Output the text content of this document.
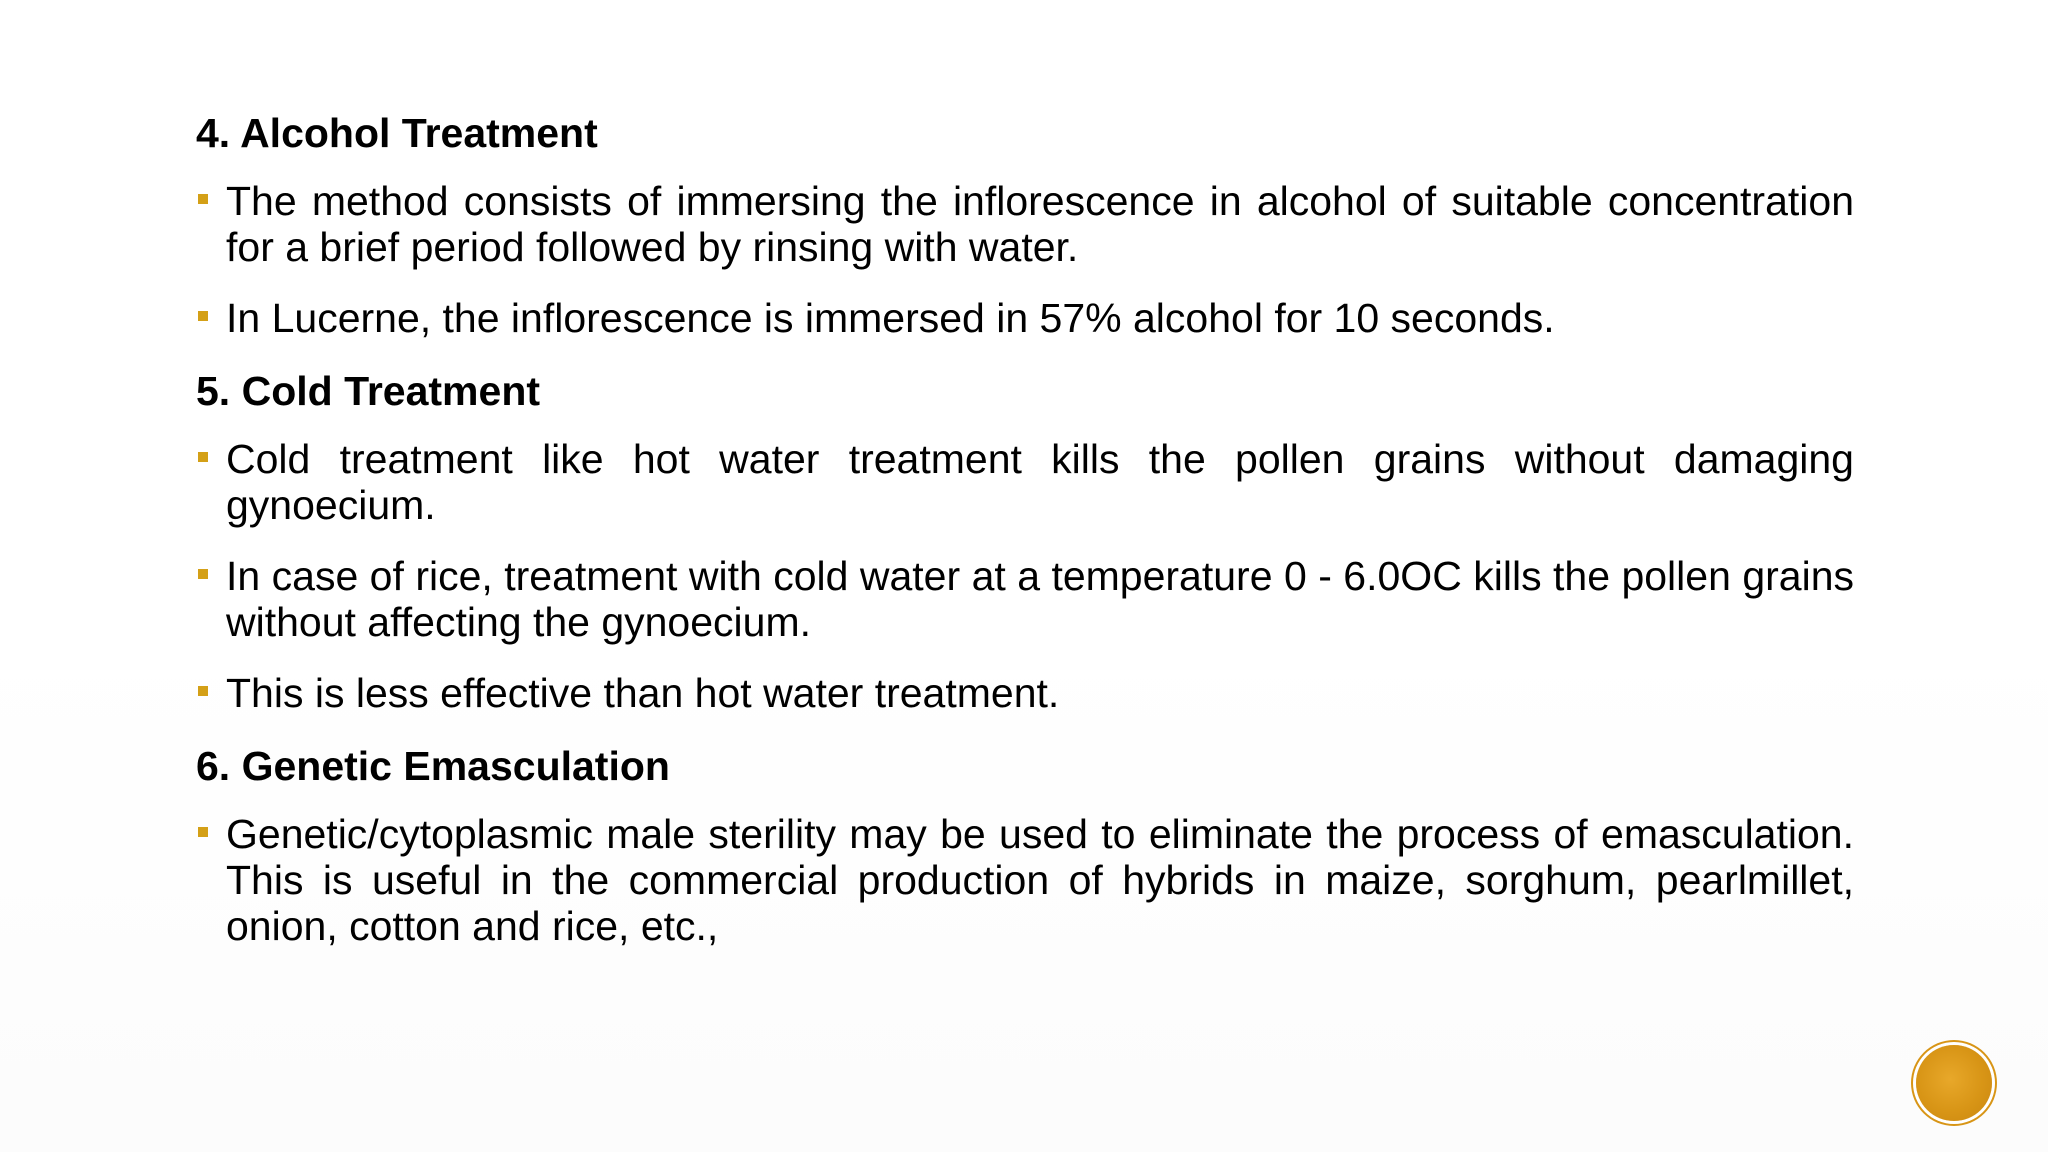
4. Alcohol Treatment
The method consists of immersing the inflorescence in alcohol of suitable concentration for a brief period followed by rinsing with water.
In Lucerne, the inflorescence is immersed in 57% alcohol for 10 seconds.
5. Cold Treatment
Cold treatment like hot water treatment kills the pollen grains without damaging gynoecium.
In case of rice, treatment with cold water at a temperature 0 - 6.0OC kills the pollen grains without affecting the gynoecium.
This is less effective than hot water treatment.
6. Genetic Emasculation
Genetic/cytoplasmic male sterility may be used to eliminate the process of emasculation. This is useful in the commercial production of hybrids in maize, sorghum, pearlmillet, onion, cotton and rice, etc.,
